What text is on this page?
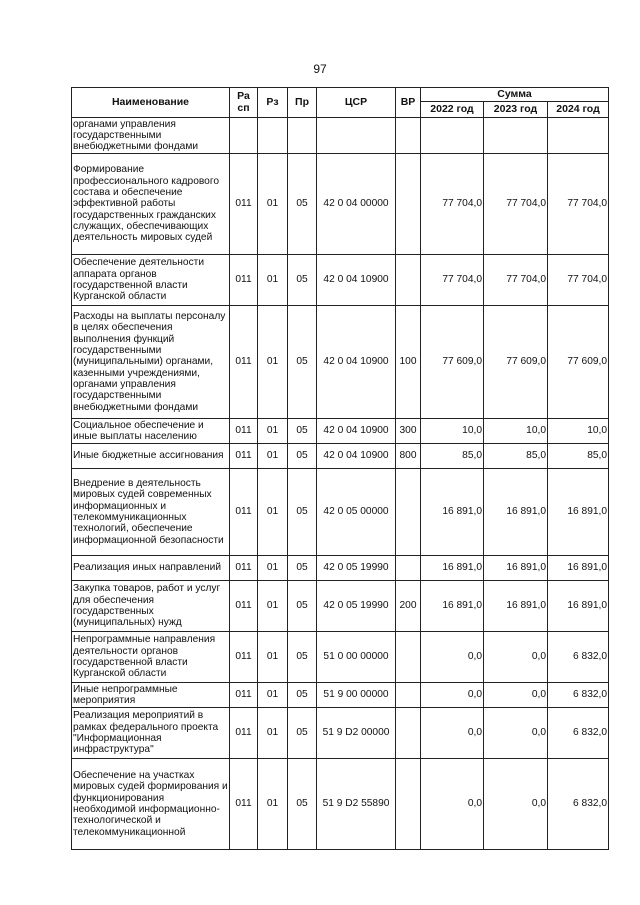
97
Наименование	Ра сп	Рз	Пр	ЦСР	ВР	Сумма		
						2022 год	2023 год	2024 год
органами управления государственными внебюджетными фондами								
Формирование профессионального кадрового состава и обеспечение эффективной работы государственных гражданских служащих, обеспечивающих деятельность мировых судей	011	01	05	42 0 04 00000		77 704,0	77 704,0	77 704,0
Обеспечение деятельности аппарата органов государственной власти Курганской области	011	01	05	42 0 04 10900		77 704,0	77 704,0	77 704,0
Расходы на выплаты персоналу в целях обеспечения выполнения функций государственными (муниципальными) органами, казенными учреждениями, органами управления государственными внебюджетными фондами	011	01	05	42 0 04 10900	100	77 609,0	77 609,0	77 609,0
Социальное обеспечение и иные выплаты населению	011	01	05	42 0 04 10900	300	10,0	10,0	10,0
Иные бюджетные ассигнования	011	01	05	42 0 04 10900	800	85,0	85,0	85,0
Внедрение в деятельность мировых судей современных информационных и телекоммуникационных технологий, обеспечение информационной безопасности	011	01	05	42 0 05 00000		16 891,0	16 891,0	16 891,0
Реализация иных направлений	011	01	05	42 0 05 19990		16 891,0	16 891,0	16 891,0
Закупка товаров, работ и услуг для обеспечения государственных (муниципальных) нужд	011	01	05	42 0 05 19990	200	16 891,0	16 891,0	16 891,0
Непрограммные направления деятельности органов государственной власти Курганской области	011	01	05	51 0 00 00000		0,0	0,0	6 832,0
Иные непрограммные мероприятия	011	01	05	51 9 00 00000		0,0	0,0	6 832,0
Реализация мероприятий в рамках федерального проекта "Информационная инфраструктура"	011	01	05	51 9 D2 00000		0,0	0,0	6 832,0
Обеспечение на участках мировых судей формирования и функционирования необходимой информационно-технологической и телекоммуникационной	011	01	05	51 9 D2 55890		0,0	0,0	6 832,0
